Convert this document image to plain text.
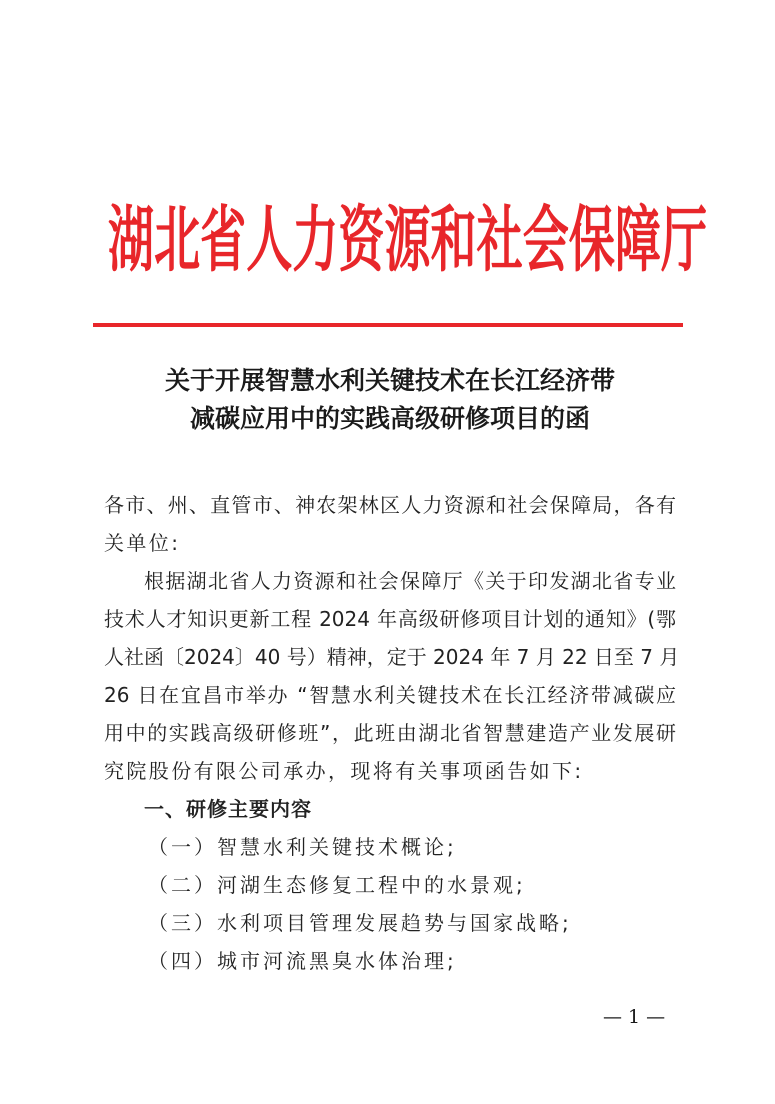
湖北省人力资源和社会保障厅
关于开展智慧水利关键技术在长江经济带
减碳应用中的实践高级研修项目的函
各市、州、直管市、神农架林区人力资源和社会保障局，各有
关单位:
根据湖北省人力资源和社会保障厅《关于印发湖北省专业
技术人才知识更新工程 2024 年高级研修项目计划的通知》(鄂
人社函〔2024〕40 号）精神，定于 2024 年 7 月 22 日至 7 月
26 日在宜昌市举办 “智慧水利关键技术在长江经济带减碳应
用中的实践高级研修班”，此班由湖北省智慧建造产业发展研
究院股份有限公司承办，现将有关事项函告如下:
一、研修主要内容
（一）智慧水利关键技术概论;
（二）河湖生态修复工程中的水景观;
（三）水利项目管理发展趋势与国家战略;
（四）城市河流黑臭水体治理;
— 1 —
